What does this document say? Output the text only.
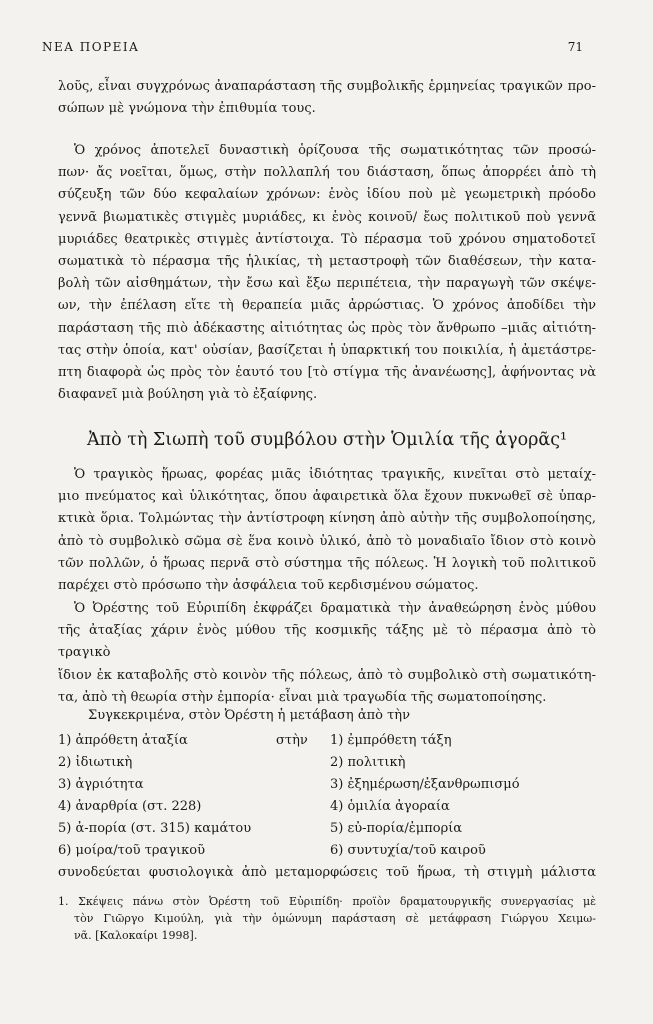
ΝΕΑ ΠΟΡΕΙΑ	71
λοῦς, εἶναι συγχρόνως ἀναπαράσταση τῆς συμβολικῆς ἑρμηνείας τραγικῶν προ-
σώπων μὲ γνώμονα τὴν ἐπιθυμία τους.
Ὁ χρόνος ἀποτελεῖ δυναστικὴ ὁρίζουσα τῆς σωματικότητας τῶν προσώ-
πων· ἄς νοεῖται, ὅμως, στὴν πολλαπλή του διάσταση, ὅπως ἀπορρέει ἀπὸ τὴ
σύζευξη τῶν δύο κεφαλαίων χρόνων: ἑνὸς ἰδίου ποὺ μὲ γεωμετρικὴ πρόοδο
γεννᾶ βιωματικὲς στιγμὲς μυριάδες, κι ἑνὸς κοινοῦ/ ἔως πολιτικοῦ ποὺ γεννᾶ
μυριάδες θεατρικὲς στιγμὲς ἀντίστοιχα. Τὸ πέρασμα τοῦ χρόνου σηματοδοτεῖ
σωματικὰ τὸ πέρασμα τῆς ἡλικίας, τὴ μεταστροφὴ τῶν διαθέσεων, τὴν κατα-
βολὴ τῶν αἰσθημάτων, τὴν ἔσω καὶ ἔξω περιπέτεια, τὴν παραγωγὴ τῶν σκέψε-
ων, τὴν ἐπέλαση εἴτε τὴ θεραπεία μιᾶς ἀρρώστιας. Ὁ χρόνος ἀποδίδει τὴν
παράσταση τῆς πιὸ ἀδέκαστης αἰτιότητας ὡς πρὸς τὸν ἄνθρωπο –μιᾶς αἰτιότη-
τας στὴν ὁποία, κατ' οὐσίαν, βασίζεται ἡ ὑπαρκτική του ποικιλία, ἡ ἀμετάστρε-
πτη διαφορὰ ὡς πρὸς τὸν ἑαυτό του [τὸ στίγμα τῆς ἀνανέωσης], ἀφήνοντας νὰ
διαφανεῖ μιὰ βούληση γιὰ τὸ ἐξαίφνης.
Ἀπὸ τὴ Σιωπὴ τοῦ συμβόλου στὴν Ὁμιλία τῆς ἀγορᾶς¹
Ὁ τραγικὸς ἥρωας, φορέας μιᾶς ἰδιότητας τραγικῆς, κινεῖται στὸ μεταίχ-
μιο πνεύματος καὶ ὑλικότητας, ὅπου ἀφαιρετικὰ ὅλα ἔχουν πυκνωθεῖ σὲ ὑπαρ-
κτικὰ ὅρια. Τολμώντας τὴν ἀντίστροφη κίνηση ἀπὸ αὐτὴν τῆς συμβολοποίησης,
ἀπὸ τὸ συμβολικὸ σῶμα σὲ ἕνα κοινὸ ὑλικό, ἀπὸ τὸ μοναδιαῖο ἴδιον στὸ κοινὸ
τῶν πολλῶν, ὁ ἥρωας περνᾶ στὸ σύστημα τῆς πόλεως. Ἡ λογικὴ τοῦ πολιτικοῦ
παρέχει στὸ πρόσωπο τὴν ἀσφάλεια τοῦ κερδισμένου σώματος.
Ὁ Ὀρέστης τοῦ Εὐριπίδη ἐκφράζει δραματικὰ τὴν ἀναθεώρηση ἑνὸς μύθου
τῆς ἀταξίας χάριν ἑνὸς μύθου τῆς κοσμικῆς τάξης μὲ τὸ πέρασμα ἀπὸ τὸ τραγικὸ
ἴδιον ἐκ καταβολῆς στὸ κοινὸν τῆς πόλεως, ἀπὸ τὸ συμβολικὸ στὴ σωματικότη-
τα, ἀπὸ τὴ θεωρία στὴν ἐμπορία· εἶναι μιὰ τραγωδία τῆς σωματοποίησης.
Συγκεκριμένα, στὸν Ὀρέστη ἡ μετάβαση ἀπὸ τὴν
1) ἀπρόθετη ἀταξία	στὴν 1) ἐμπρόθετη τάξη
2) ἰδιωτικὴ	2) πολιτικὴ
3) ἀγριότητα	3) ἐξημέρωση/ἐξανθρωπισμό
4) ἀναρθρία (στ. 228)	4) ὁμιλία ἀγοραία
5) ἀ-πορία (στ. 315) καμάτου	5) εὐ-πορία/ἐμπορία
6) μοίρα/τοῦ τραγικοῦ	6) συντυχία/τοῦ καιροῦ
συνοδεύεται φυσιολογικὰ ἀπὸ μεταμορφώσεις τοῦ ἥρωα, τὴ στιγμὴ μάλιστα
1. Σκέψεις πάνω στὸν Ὀρέστη τοῦ Εὐριπίδη· προϊὸν δραματουργικῆς συνεργασίας μὲ
τὸν Γιῶργο Κιμούλη, γιὰ τὴν ὁμώνυμη παράσταση σὲ μετάφραση Γιώργου Χειμω-
νᾶ. [Καλοκαίρι 1998].
